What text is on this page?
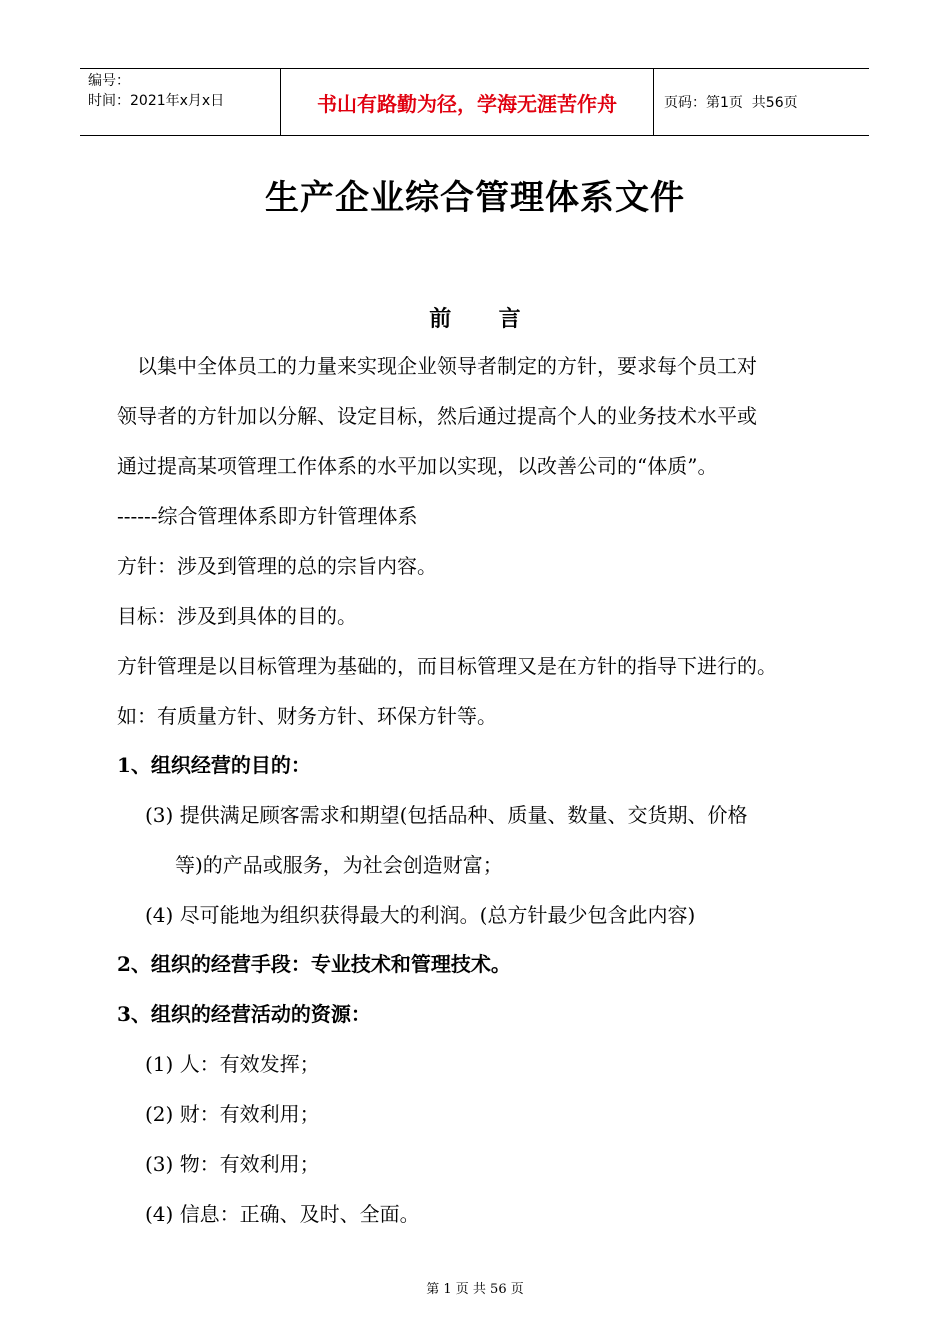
编号：
时间：2021年x月x日	书山有路勤为径，学海无涯苦作舟	页码：第1页  共56页
生产企业综合管理体系文件
前      言
以集中全体员工的力量来实现企业领导者制定的方针，要求每个员工对
领导者的方针加以分解、设定目标，然后通过提高个人的业务技术水平或
通过提高某项管理工作体系的水平加以实现，以改善公司的“体质”。
------综合管理体系即方针管理体系
方针：涉及到管理的总的宗旨内容。
目标：涉及到具体的目的。
方针管理是以目标管理为基础的，而目标管理又是在方针的指导下进行的。
如：有质量方针、财务方针、环保方针等。
1、组织经营的目的：
(3) 提供满足顾客需求和期望(包括品种、质量、数量、交货期、价格
等)的产品或服务，为社会创造财富；
(4) 尽可能地为组织获得最大的利润。(总方针最少包含此内容)
2、组织的经营手段：专业技术和管理技术。
3、组织的经营活动的资源：
(1) 人：有效发挥；
(2) 财：有效利用；
(3) 物：有效利用；
(4) 信息：正确、及时、全面。
第 1 页 共 56 页
